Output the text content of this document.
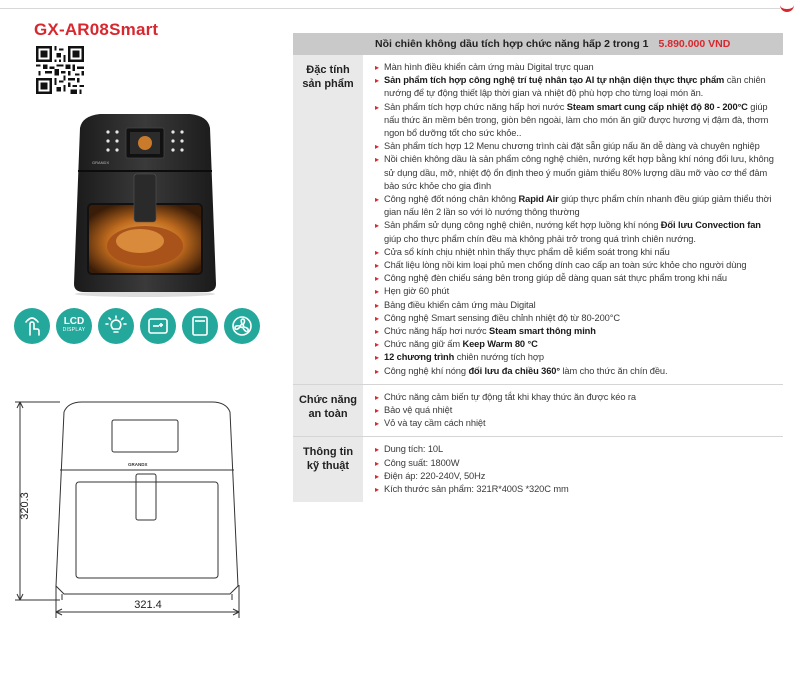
GX-AR08Smart
GRANDX
LCD
DISPLAY
GRANDX
320.3
321.4
Nồi chiên không dầu tích hợp chức năng hấp 2 trong 1 5.890.000 VND
Đặc tính
sản phẩm
▸ Màn hình điều khiển cảm ứng màu Digital trực quan
▸ Sản phẩm tích hợp công nghệ trí tuệ nhân tạo AI tự nhận diện thực thực phẩm cần chiên nướng để tự động thiết lập thời gian và nhiệt độ phù hợp cho từng loại món ăn.
▸ Sản phẩm tích hợp chức năng hấp hơi nước Steam smart cung cấp nhiệt độ 80 - 200°C giúp nấu thức ăn mềm bên trong, giòn bên ngoài, làm cho món ăn giữ được hương vị đậm đà, thơm ngon bổ dưỡng tốt cho sức khỏe..
▸ Sản phẩm tích hợp 12 Menu chương trình cài đặt sẵn giúp nấu ăn dễ dàng và chuyên nghiệp
▸ Nồi chiên không dầu là sản phẩm công nghệ chiên, nướng kết hợp bằng khí nóng đối lưu, không sử dụng dầu, mỡ, nhiệt độ ổn định theo ý muốn giảm thiểu 80% lượng dầu mỡ vào cơ thể đảm bảo sức khỏe cho gia đình
▸ Công nghệ đốt nóng chân không Rapid Air giúp thực phẩm chín nhanh đều giúp giảm thiểu thời gian nấu lên 2 lần so với lò nướng thông thường
▸ Sản phẩm sử dụng công nghệ chiên, nướng kết hợp luồng khí nóng Đối lưu Convection fan giúp cho thực phẩm chín đều mà không phải trở trong quá trình chiên nướng.
▸ Cửa sổ kính chịu nhiệt nhìn thấy thực phẩm dễ kiểm soát trong khi nấu
▸ Chất liệu lòng nồi kim loại phủ men chống dính cao cấp an toàn sức khỏe cho người dùng
▸ Công nghệ đèn chiếu sáng bên trong giúp dễ dàng quan sát thực phẩm trong khi nấu
▸ Hẹn giờ 60 phút
▸ Bảng điều khiển cảm ứng màu Digital
▸ Công nghệ Smart sensing điều chỉnh nhiệt độ từ 80-200°C
▸ Chức năng hấp hơi nước Steam smart thông minh
▸ Chức năng giữ ấm Keep Warm 80 °C
▸ 12 chương trình chiên nướng tích hợp
▸ Công nghệ khí nóng đối lưu đa chiều 360° làm cho thức ăn chín đều.
Chức năng
an toàn
▸ Chức năng cảm biến tự động tắt khi khay thức ăn được kéo ra
▸ Bảo vệ quá nhiệt
▸ Vỏ và tay cầm cách nhiệt
Thông tin
kỹ thuật
▸ Dung tích: 10L
▸ Công suất: 1800W
▸ Điện áp: 220-240V, 50Hz
▸ Kích thước sản phẩm: 321R*400S *320C mm
